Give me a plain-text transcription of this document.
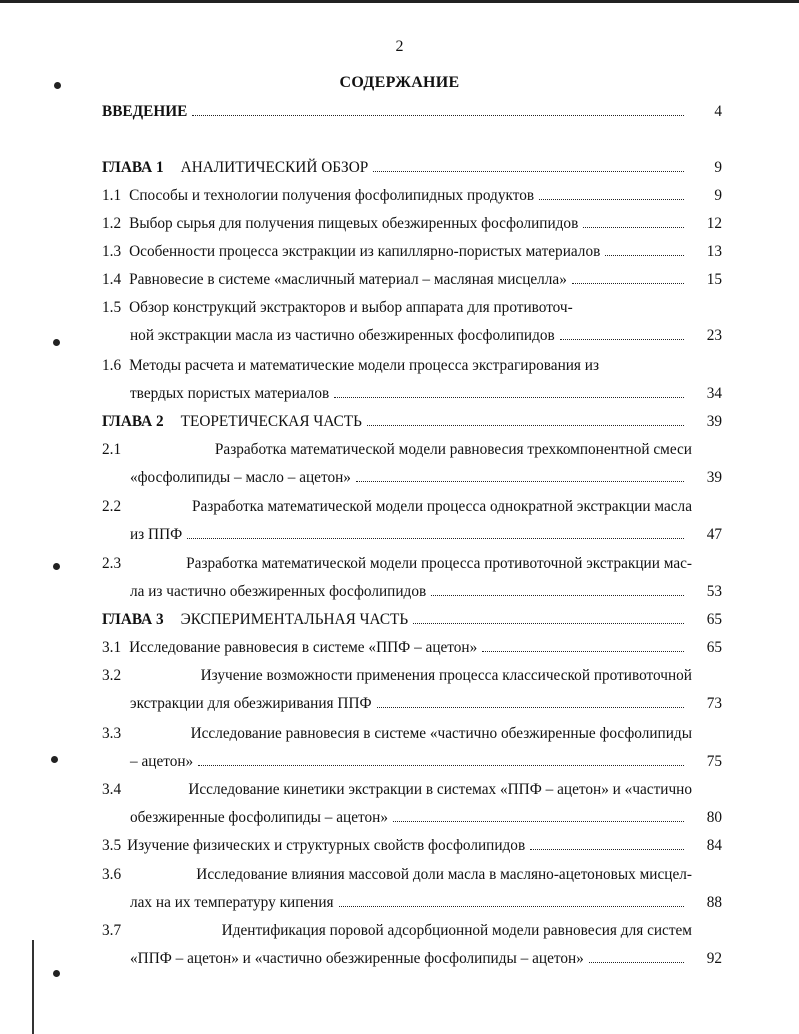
2
СОДЕРЖАНИЕ
ВВЕДЕНИЕ	4
ГЛАВА 1 АНАЛИТИЧЕСКИЙ ОБЗОР	9
1.1 Способы и технологии получения фосфолипидных продуктов	9
1.2 Выбор сырья для получения пищевых обезжиренных фосфолипидов	12
1.3 Особенности процесса экстракции из капиллярно-пористых материалов	13
1.4 Равновесие в системе «масличный материал – масляная мисцелла»	15
1.5 Обзор конструкций экстракторов и выбор аппарата для противоточ-
ной экстракции масла из частично обезжиренных фосфолипидов	23
1.6 Методы расчета и математические модели процесса экстрагирования из
твердых пористых материалов	34
ГЛАВА 2 ТЕОРЕТИЧЕСКАЯ ЧАСТЬ	39
2.1	Разработка математической модели равновесия трехкомпонентной смеси
«фосфолипиды – масло – ацетон»	39
2.2	Разработка математической модели процесса однократной экстракции масла
из ППФ	47
2.3	Разработка математической модели процесса противоточной экстракции мас-
ла из частично обезжиренных фосфолипидов	53
ГЛАВА 3 ЭКСПЕРИМЕНТАЛЬНАЯ ЧАСТЬ	65
3.1 Исследование равновесия в системе «ППФ – ацетон»	65
3.2	Изучение возможности применения процесса классической противоточной
экстракции для обезжиривания ППФ	73
3.3	Исследование равновесия в системе «частично обезжиренные фосфолипиды
– ацетон»	75
3.4	Исследование кинетики экстракции в системах «ППФ – ацетон» и «частично
обезжиренные фосфолипиды – ацетон»	80
3.5 Изучение физических и структурных свойств фосфолипидов	84
3.6	Исследование влияния массовой доли масла в масляно-ацетоновых мисцел-
лах на их температуру кипения	88
3.7	Идентификация поровой адсорбционной модели равновесия для систем
«ППФ – ацетон» и «частично обезжиренные фосфолипиды – ацетон»	92
